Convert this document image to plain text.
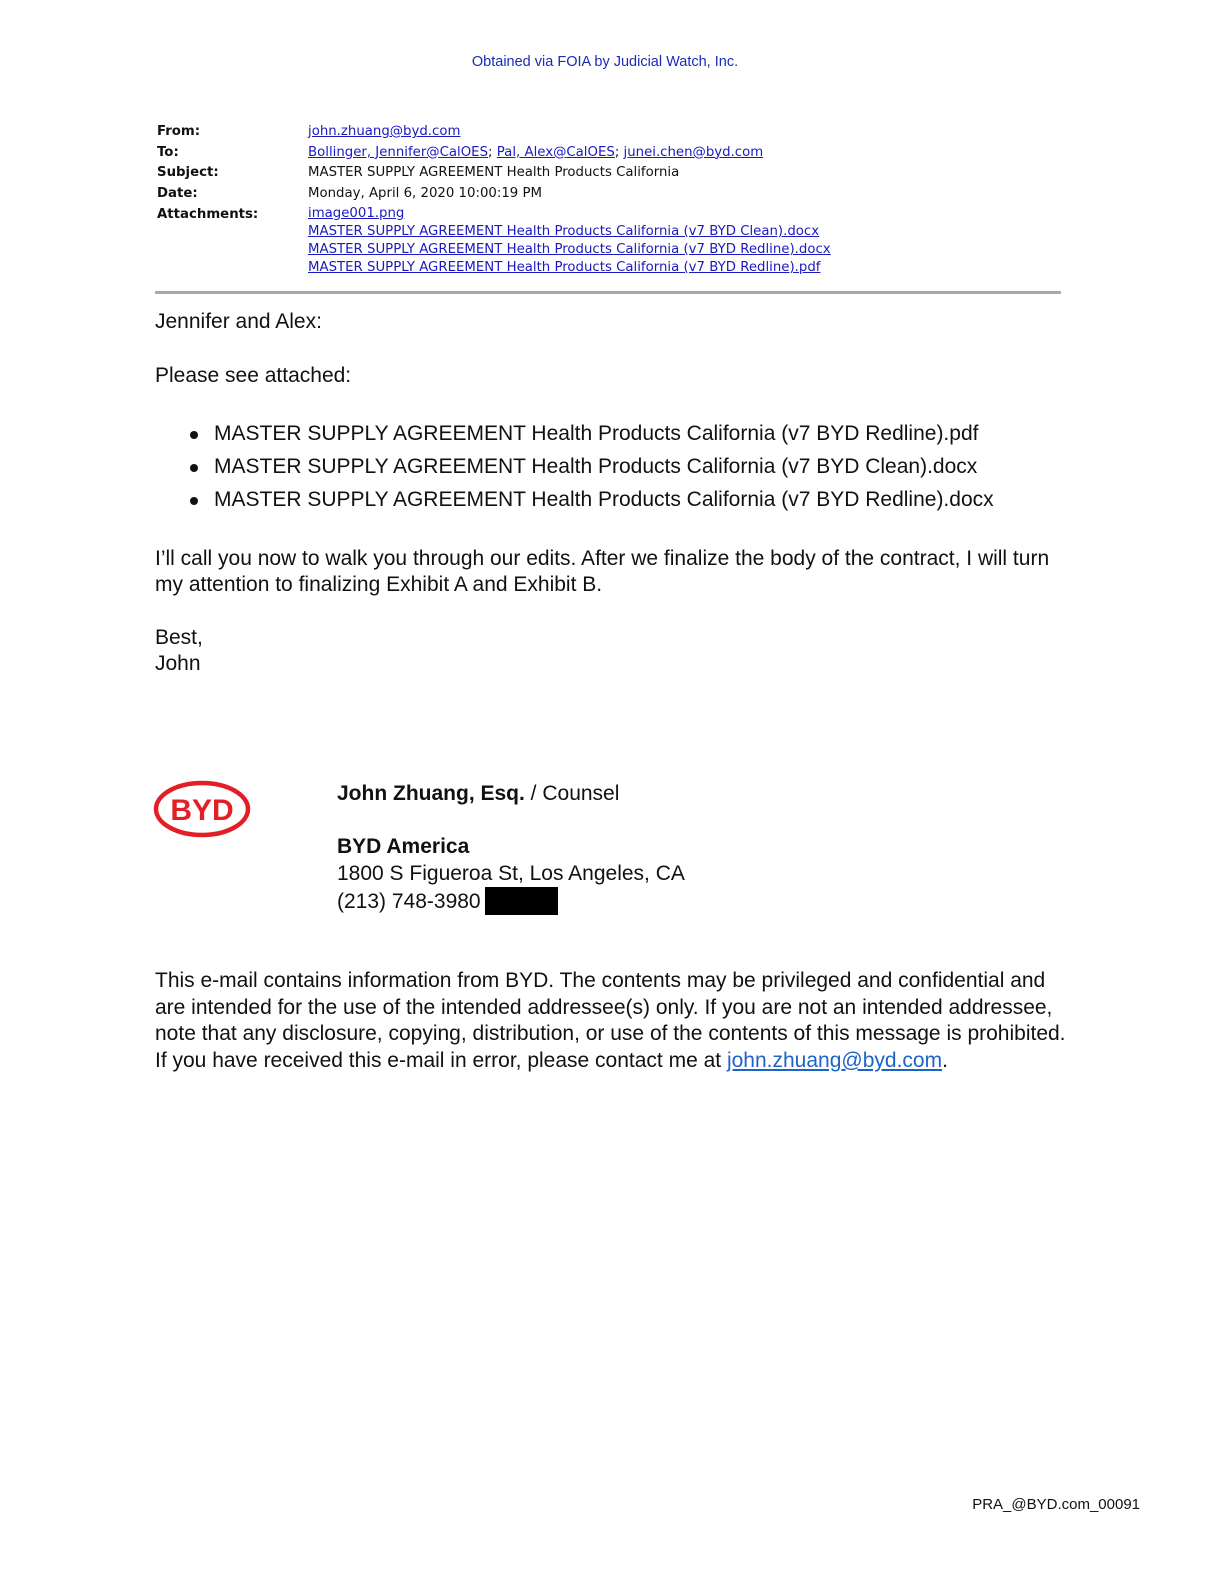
Obtained via FOIA by Judicial Watch, Inc.
From:	john.zhuang@byd.com
To:	Bollinger, Jennifer@CalOES; Pal, Alex@CalOES; junei.chen@byd.com
Subject:	MASTER SUPPLY AGREEMENT Health Products California
Date:	Monday, April 6, 2020 10:00:19 PM
Attachments:	image001.png
MASTER SUPPLY AGREEMENT Health Products California (v7 BYD Clean).docx
MASTER SUPPLY AGREEMENT Health Products California (v7 BYD Redline).docx
MASTER SUPPLY AGREEMENT Health Products California (v7 BYD Redline).pdf

Jennifer and Alex:

Please see attached:

MASTER SUPPLY AGREEMENT Health Products California (v7 BYD Redline).pdf
MASTER SUPPLY AGREEMENT Health Products California (v7 BYD Clean).docx
MASTER SUPPLY AGREEMENT Health Products California (v7 BYD Redline).docx

I’ll call you now to walk you through our edits. After we finalize the body of the contract, I will turn my attention to finalizing Exhibit A and Exhibit B.

Best,

John

BYD
John Zhuang, Esq. / Counsel
BYD America
1800 S Figueroa St, Los Angeles, CA
(213) 748-3980
This e-mail contains information from BYD. The contents may be privileged and confidential and are intended for the use of the intended addressee(s) only. If you are not an intended addressee, note that any disclosure, copying, distribution, or use of the contents of this message is prohibited. If you have received this e-mail in error, please contact me at john.zhuang@byd.com.
PRA_@BYD.com_00091
